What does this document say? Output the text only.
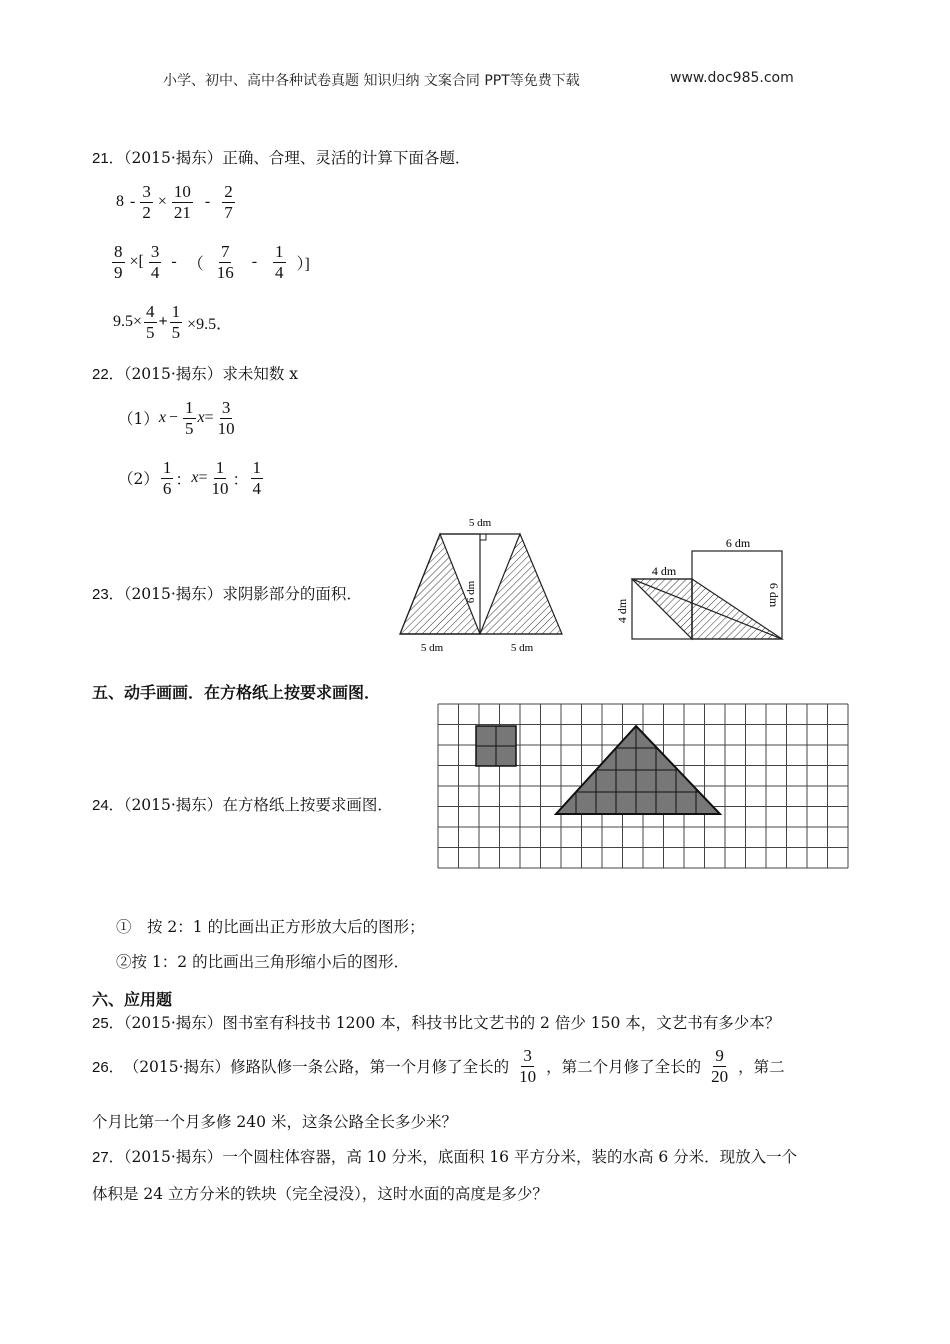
小学、初中、高中各种试卷真题 知识归纳 文案合同 PPT等免费下载	www.doc985.com
21．（2015·揭东）正确、合理、灵活的计算下面各题．
$8 - \frac{3}{2} \times \frac{10}{21} - \frac{2}{7}$
$\frac{8}{9}$ ×[ $\frac{3}{4}$ - （ $\frac{7}{16} - \frac{1}{4}$ ）]
$9.5\times \frac{4}{5} + \frac{1}{5} \times 9.5$．
22．（2015·揭东）求未知数 x
（1） $x - \frac{1}{5}$ $x = \frac{3}{10}$
$(2) \frac{1}{6}$ ： $x = \frac{1}{10}$ ： $\frac{1}{4}$
23．（2015·揭东）求阴影部分的面积．
5 dm
6 dm
5 dm	5 dm
6 dm
4 dm
4 dm
6 dm
五、动手画画．在方格纸上按要求画图．
24．（2015·揭东）在方格纸上按要求画图．
①　按 2：1 的比画出正方形放大后的图形；
②按 1：2 的比画出三角形缩小后的图形．
六、应用题
25．（2015·揭东）图书室有科技书 1200 本，科技书比文艺书的 2 倍少 150 本，文艺书有多少本？
26． （2015·揭东） 修路队修一条公路，第一个月修了全长的 $\frac{3}{10}$ ，第二个月修了全长的 $\frac{9}{20}$ ，第二
个月比第一个月多修 240 米，这条公路全长多少米？
27．（2015·揭东）一个圆柱体容器，高 10 分米，底面积 16 平方分米，装的水高 6 分米．现放入一个
体积是 24 立方分米的铁块（完全浸没），这时水面的高度是多少？
